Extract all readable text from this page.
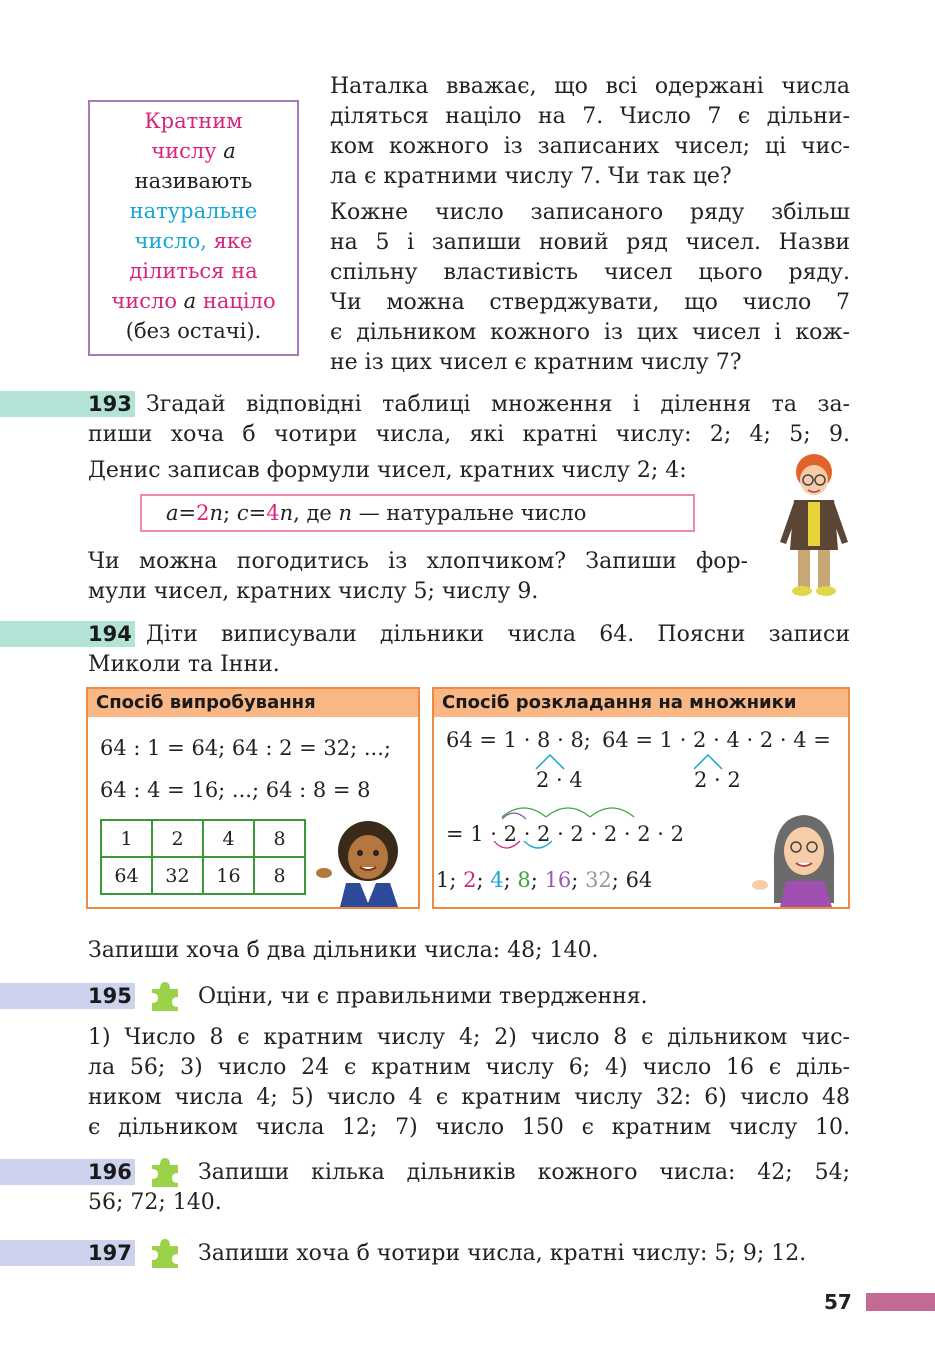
Кратним
числу a
називають
натуральне
число, яке
ділиться на
число a націло
(без остачі).
Наталка вважає, що всі одержані числа
діляться націло на 7. Число 7 є дільни-
ком кожного із записаних чисел; ці чис-
ла є кратними числу 7. Чи так це?
Кожне число записаного ряду збільш
на 5 і запиши новий ряд чисел. Назви
спільну властивість чисел цього ряду.
Чи можна стверджувати, що число 7
є дільником кожного із цих чисел і кож-
не із цих чисел є кратним числу 7?
193 Згадай відповідні таблиці множення і ділення та за-
пиши хоча б чотири числа, які кратні числу: 2; 4; 5; 9.
Денис записав формули чисел, кратних числу 2; 4:
a=2n; c=4n, де n — натуральне число
Чи можна погодитись із хлопчиком? Запиши фор-
мули чисел, кратних числу 5; числу 9.
194 Діти виписували дільники числа 64. Поясни записи
Миколи та Інни.
Спосіб випробування
64 : 1 = 64; 64 : 2 = 32; ...;
64 : 4 = 16; ...; 64 : 8 = 8
1	2	4	8
64	32	16	8
Спосіб розкладання на множники
64 = 1 · 8 · 8; 64 = 1 · 2 · 4 · 2 · 4 =
2 · 4	2 · 2
= 1 · 2 · 2 · 2 · 2 · 2 · 2
1; 2; 4; 8; 16; 32; 64
Запиши хоча б два дільники числа: 48; 140.
195	Оціни, чи є правильними твердження.
1) Число 8 є кратним числу 4; 2) число 8 є дільником чис-
ла 56; 3) число 24 є кратним числу 6; 4) число 16 є діль-
ником числа 4; 5) число 4 є кратним числу 32: 6) число 48
є дільником числа 12; 7) число 150 є кратним числу 10.
196	Запиши кілька дільників кожного числа: 42; 54;
56; 72; 140.
197	Запиши хоча б чотири числа, кратні числу: 5; 9; 12.
57
